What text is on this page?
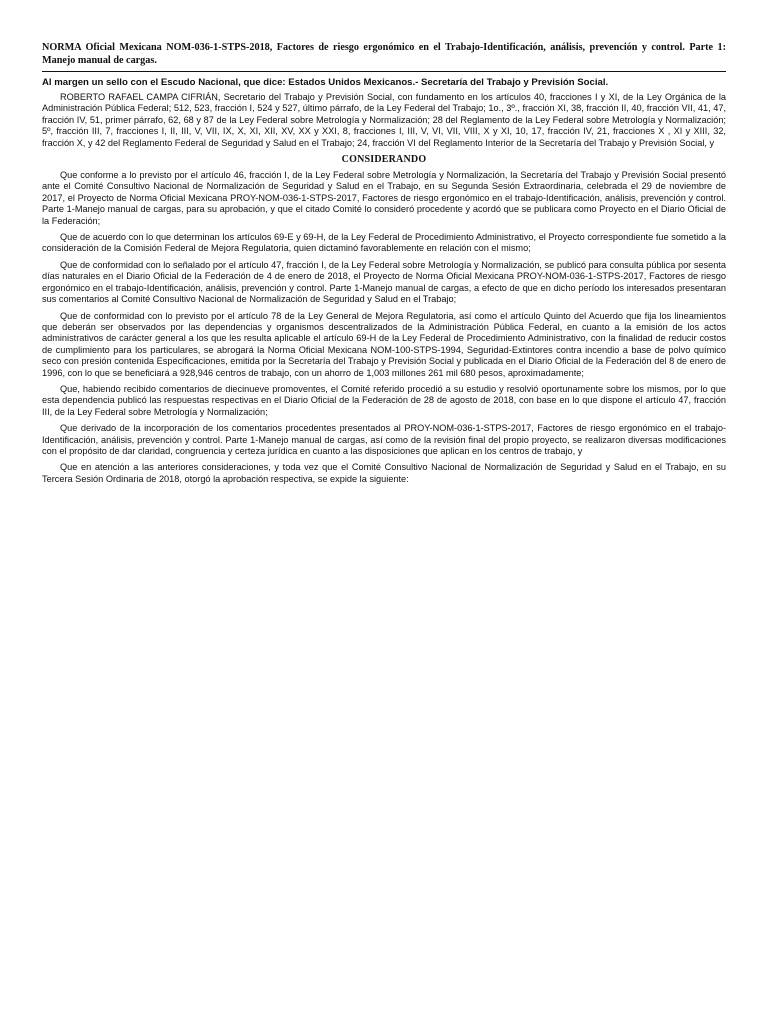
NORMA Oficial Mexicana NOM-036-1-STPS-2018, Factores de riesgo ergonómico en el Trabajo-Identificación, análisis, prevención y control. Parte 1: Manejo manual de cargas.

Al margen un sello con el Escudo Nacional, que dice: Estados Unidos Mexicanos.- Secretaría del Trabajo y Previsión Social.

ROBERTO RAFAEL CAMPA CIFRIÁN, Secretario del Trabajo y Previsión Social, con fundamento en los artículos 40, fracciones I y XI, de la Ley Orgánica de la Administración Pública Federal; 512, 523, fracción I, 524 y 527, último párrafo, de la Ley Federal del Trabajo; 1o., 3º., fracción XI, 38, fracción II, 40, fracción VII, 41, 47, fracción IV, 51, primer párrafo, 62, 68 y 87 de la Ley Federal sobre Metrología y Normalización; 28 del Reglamento de la Ley Federal sobre Metrología y Normalización; 5º, fracción III, 7, fracciones I, II, III, V, VII, IX, X, XI, XII, XV, XX y XXI, 8, fracciones I, III, V, VI, VII, VIII, X y XI, 10, 17, fracción IV, 21, fracciones X , XI y XIII, 32, fracción X, y 42 del Reglamento Federal de Seguridad y Salud en el Trabajo; 24, fracción VI del Reglamento Interior de la Secretaría del Trabajo y Previsión Social, y

CONSIDERANDO

Que conforme a lo previsto por el artículo 46, fracción I, de la Ley Federal sobre Metrología y Normalización, la Secretaría del Trabajo y Previsión Social presentó ante el Comité Consultivo Nacional de Normalización de Seguridad y Salud en el Trabajo, en su Segunda Sesión Extraordinaria, celebrada el 29 de noviembre de 2017, el Proyecto de Norma Oficial Mexicana PROY-NOM-036-1-STPS-2017, Factores de riesgo ergonómico en el trabajo-Identificación, análisis, prevención y control. Parte 1-Manejo manual de cargas, para su aprobación, y que el citado Comité lo consideró procedente y acordó que se publicara como Proyecto en el Diario Oficial de la Federación;

Que de acuerdo con lo que determinan los artículos 69-E y 69-H, de la Ley Federal de Procedimiento Administrativo, el Proyecto correspondiente fue sometido a la consideración de la Comisión Federal de Mejora Regulatoria, quien dictaminó favorablemente en relación con el mismo;

Que de conformidad con lo señalado por el artículo 47, fracción I, de la Ley Federal sobre Metrología y Normalización, se publicó para consulta pública por sesenta días naturales en el Diario Oficial de la Federación de 4 de enero de 2018, el Proyecto de Norma Oficial Mexicana PROY-NOM-036-1-STPS-2017, Factores de riesgo ergonómico en el trabajo-Identificación, análisis, prevención y control. Parte 1-Manejo manual de cargas, a efecto de que en dicho período los interesados presentaran sus comentarios al Comité Consultivo Nacional de Normalización de Seguridad y Salud en el Trabajo;

Que de conformidad con lo previsto por el artículo 78 de la Ley General de Mejora Regulatoria, así como el artículo Quinto del Acuerdo que fija los lineamientos que deberán ser observados por las dependencias y organismos descentralizados de la Administración Pública Federal, en cuanto a la emisión de los actos administrativos de carácter general a los que les resulta aplicable el artículo 69-H de la Ley Federal de Procedimiento Administrativo, con la finalidad de reducir costos de cumplimiento para los particulares, se abrogará la Norma Oficial Mexicana NOM-100-STPS-1994, Seguridad-Extintores contra incendio a base de polvo químico seco con presión contenida Especificaciones, emitida por la Secretaría del Trabajo y Previsión Social y publicada en el Diario Oficial de la Federación del 8 de enero de 1996, con lo que se beneficiará a 928,946 centros de trabajo, con un ahorro de 1,003 millones 261 mil 680 pesos, aproximadamente;

Que, habiendo recibido comentarios de diecinueve promoventes, el Comité referido procedió a su estudio y resolvió oportunamente sobre los mismos, por lo que esta dependencia publicó las respuestas respectivas en el Diario Oficial de la Federación de 28 de agosto de 2018, con base en lo que dispone el artículo 47, fracción III, de la Ley Federal sobre Metrología y Normalización;

Que derivado de la incorporación de los comentarios procedentes presentados al PROY-NOM-036-1-STPS-2017, Factores de riesgo ergonómico en el trabajo-Identificación, análisis, prevención y control. Parte 1-Manejo manual de cargas, así como de la revisión final del propio proyecto, se realizaron diversas modificaciones con el propósito de dar claridad, congruencia y certeza jurídica en cuanto a las disposiciones que aplican en los centros de trabajo, y

Que en atención a las anteriores consideraciones, y toda vez que el Comité Consultivo Nacional de Normalización de Seguridad y Salud en el Trabajo, en su Tercera Sesión Ordinaria de 2018, otorgó la aprobación respectiva, se expide la siguiente:
